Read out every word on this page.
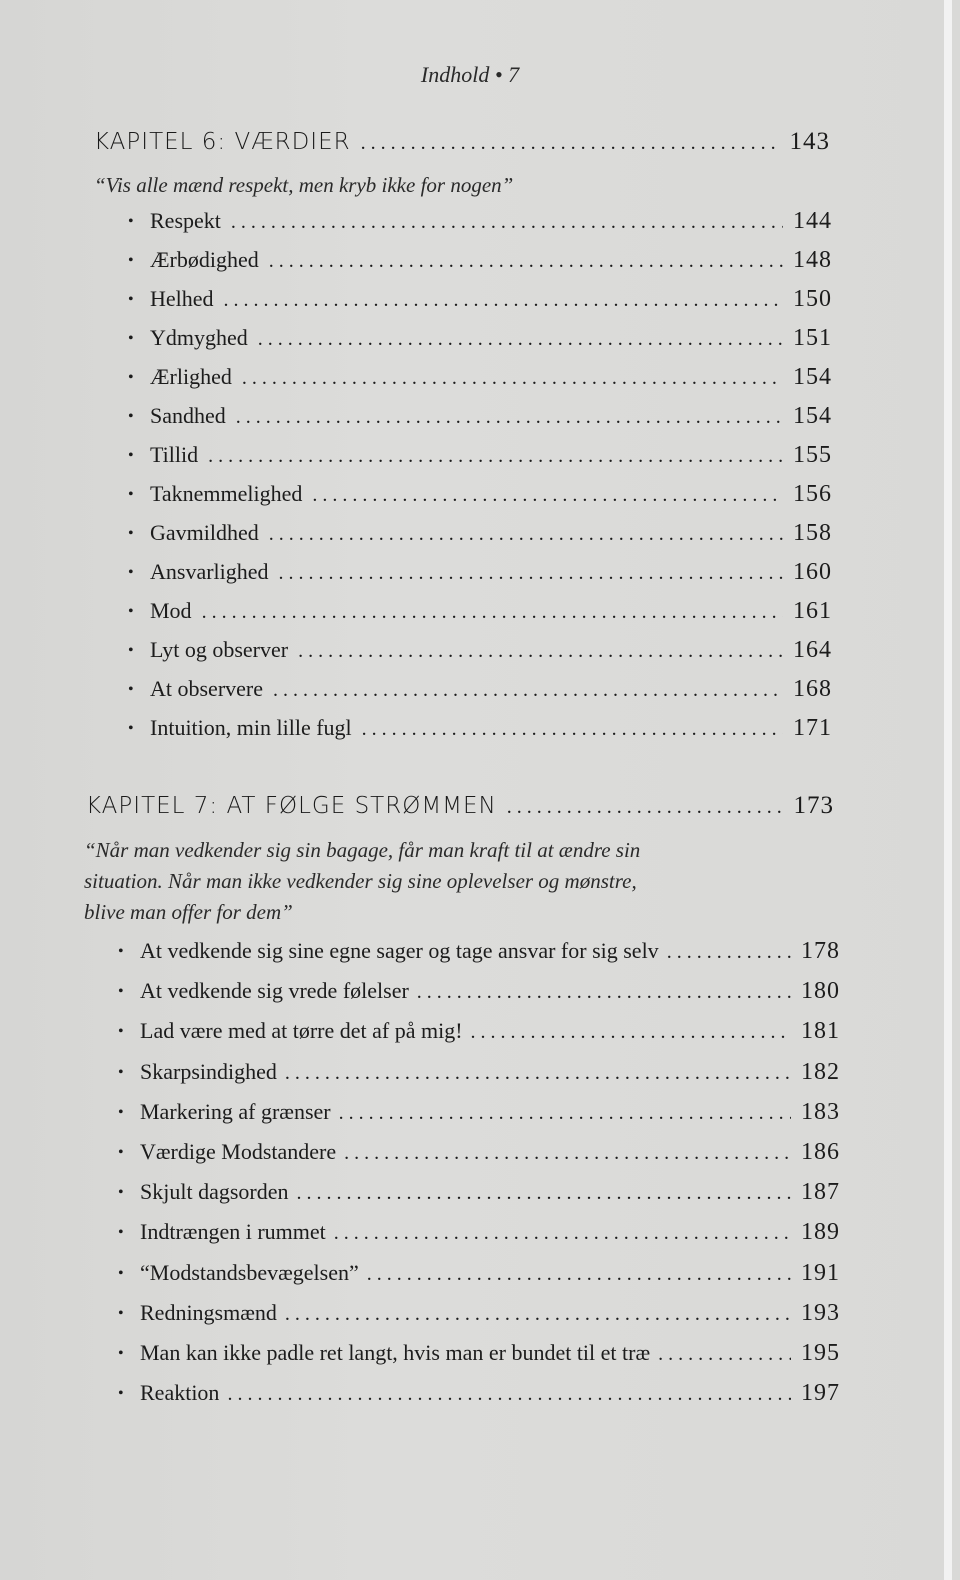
Indhold • 7
KAPITEL 6: VÆRDIER . . .	143
“Vis alle mænd respekt, men kryb ikke for nogen”
• Respekt . . .	144
• Ærbødighed . . .	148
• Helhed . . .	150
• Ydmyghed . . .	151
• Ærlighed . . .	154
• Sandhed . . .	154
• Tillid . . .	155
• Taknemmelighed . . .	156
• Gavmildhed . . .	158
• Ansvarlighed . . .	160
• Mod . . .	161
• Lyt og observer . . .	164
• At observere . . .	168
• Intuition, min lille fugl . . .	171
KAPITEL 7: AT FØLGE STRØMMEN . . .	173
“Når man vedkender sig sin bagage, får man kraft til at ændre sin
situation. Når man ikke vedkender sig sine oplevelser og mønstre,
blive man offer for dem”
• At vedkende sig sine egne sager og tage ansvar for sig selv . . .	178
• At vedkende sig vrede følelser . . .	180
• Lad være med at tørre det af på mig! . . .	181
• Skarpsindighed . . .	182
• Markering af grænser . . .	183
• Værdige Modstandere . . .	186
• Skjult dagsorden . . .	187
• Indtrængen i rummet . . .	189
• “Modstandsbevægelsen” . . .	191
• Redningsmænd . . .	193
• Man kan ikke padle ret langt, hvis man er bundet til et træ . . .	195
• Reaktion . . .	197
